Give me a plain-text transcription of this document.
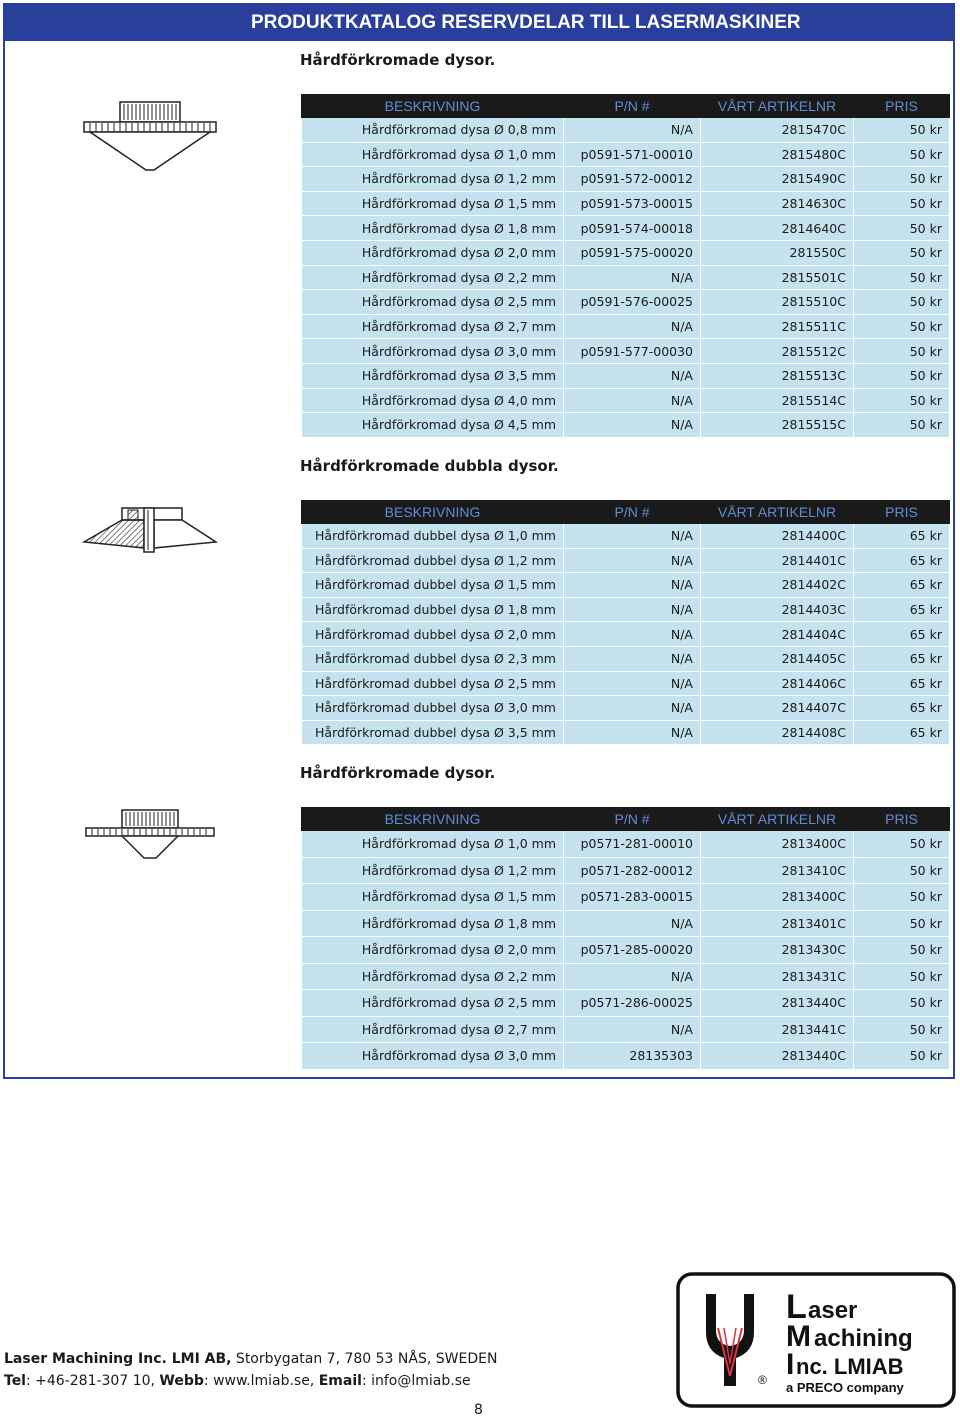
PRODUKTKATALOG RESERVDELAR TILL LASERMASKINER
Hårdförkromade dysor.
BESKRIVNING	P/N #	VÅRT ARTIKELNR	PRIS
Hårdförkromad dysa Ø 0,8 mm	N/A	2815470C	50 kr
Hårdförkromad dysa Ø 1,0 mm	p0591-571-00010	2815480C	50 kr
Hårdförkromad dysa Ø 1,2 mm	p0591-572-00012	2815490C	50 kr
Hårdförkromad dysa Ø 1,5 mm	p0591-573-00015	2814630C	50 kr
Hårdförkromad dysa Ø 1,8 mm	p0591-574-00018	2814640C	50 kr
Hårdförkromad dysa Ø 2,0 mm	p0591-575-00020	281550C	50 kr
Hårdförkromad dysa Ø 2,2 mm	N/A	2815501C	50 kr
Hårdförkromad dysa Ø 2,5 mm	p0591-576-00025	2815510C	50 kr
Hårdförkromad dysa Ø 2,7 mm	N/A	2815511C	50 kr
Hårdförkromad dysa Ø 3,0 mm	p0591-577-00030	2815512C	50 kr
Hårdförkromad dysa Ø 3,5 mm	N/A	2815513C	50 kr
Hårdförkromad dysa Ø 4,0 mm	N/A	2815514C	50 kr
Hårdförkromad dysa Ø 4,5 mm	N/A	2815515C	50 kr
Hårdförkromade dubbla dysor.
BESKRIVNING	P/N #	VÅRT ARTIKELNR	PRIS
Hårdförkromad dubbel dysa Ø 1,0 mm	N/A	2814400C	65 kr
Hårdförkromad dubbel dysa Ø 1,2 mm	N/A	2814401C	65 kr
Hårdförkromad dubbel dysa Ø 1,5 mm	N/A	2814402C	65 kr
Hårdförkromad dubbel dysa Ø 1,8 mm	N/A	2814403C	65 kr
Hårdförkromad dubbel dysa Ø 2,0 mm	N/A	2814404C	65 kr
Hårdförkromad dubbel dysa Ø 2,3 mm	N/A	2814405C	65 kr
Hårdförkromad dubbel dysa Ø 2,5 mm	N/A	2814406C	65 kr
Hårdförkromad dubbel dysa Ø 3,0 mm	N/A	2814407C	65 kr
Hårdförkromad dubbel dysa Ø 3,5 mm	N/A	2814408C	65 kr
Hårdförkromade dysor.
BESKRIVNING	P/N #	VÅRT ARTIKELNR	PRIS
Hårdförkromad dysa Ø 1,0 mm	p0571-281-00010	2813400C	50 kr
Hårdförkromad dysa Ø 1,2 mm	p0571-282-00012	2813410C	50 kr
Hårdförkromad dysa Ø 1,5 mm	p0571-283-00015	2813400C	50 kr
Hårdförkromad dysa Ø 1,8 mm	N/A	2813401C	50 kr
Hårdförkromad dysa Ø 2,0 mm	p0571-285-00020	2813430C	50 kr
Hårdförkromad dysa Ø 2,2 mm	N/A	2813431C	50 kr
Hårdförkromad dysa Ø 2,5 mm	p0571-286-00025	2813440C	50 kr
Hårdförkromad dysa Ø 2,7 mm	N/A	2813441C	50 kr
Hårdförkromad dysa Ø 3,0 mm	28135303	2813440C	50 kr
Laser Machining Inc. LMI AB, Storbygatan 7, 780 53 NÅS, SWEDEN
Tel: +46-281-307 10, Webb: www.lmiab.se, Email: info@lmiab.se
8
L aser
M achining
I nc. LMIAB
® a PRECO company
